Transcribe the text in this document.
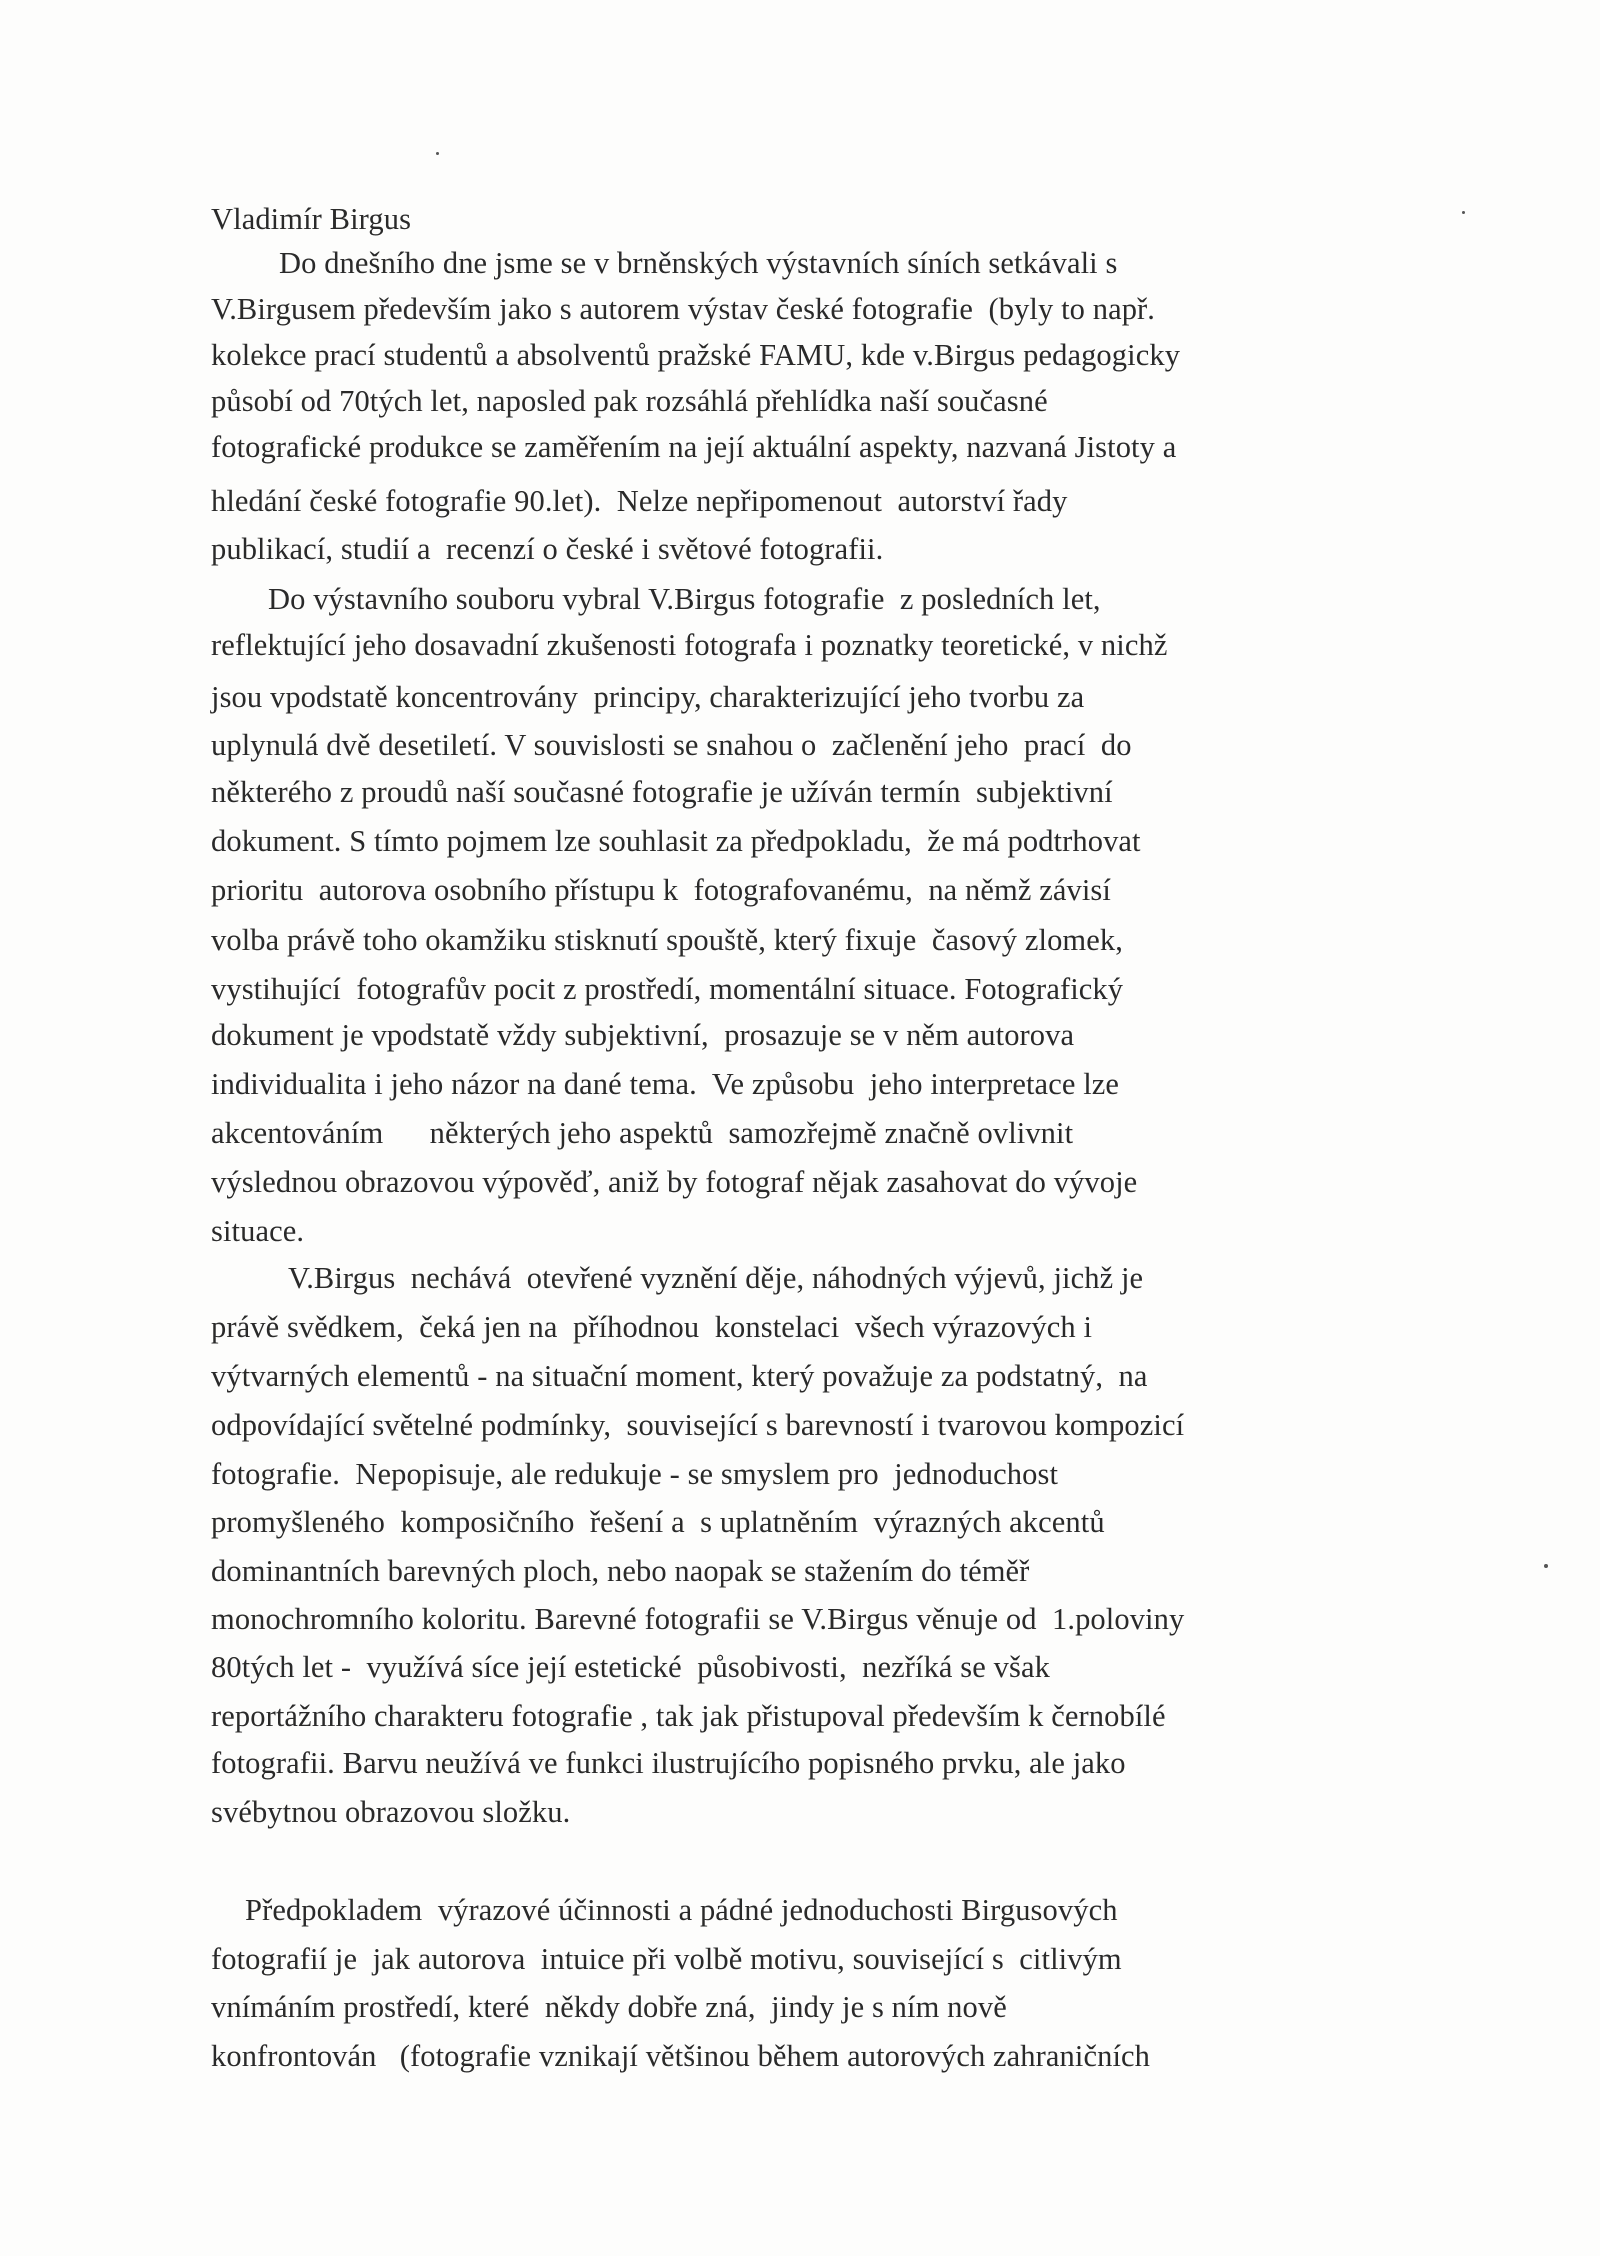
Vladimír Birgus
Do dnešního dne jsme se v brněnských výstavních síních setkávali s
V.Birgusem především jako s autorem výstav české fotografie  (byly to např.
kolekce prací studentů a absolventů pražské FAMU, kde v.Birgus pedagogicky
působí od 70tých let, naposled pak rozsáhlá přehlídka naší současné
fotografické produkce se zaměřením na její aktuální aspekty, nazvaná Jistoty a
hledání české fotografie 90.let).  Nelze nepřipomenout  autorství řady
publikací, studií a  recenzí o české i světové fotografii.
Do výstavního souboru vybral V.Birgus fotografie  z posledních let,
reflektující jeho dosavadní zkušenosti fotografa i poznatky teoretické, v nichž
jsou vpodstatě koncentrovány  principy, charakterizující jeho tvorbu za
uplynulá dvě desetiletí. V souvislosti se snahou o  začlenění jeho  prací  do
některého z proudů naší současné fotografie je užíván termín  subjektivní
dokument. S tímto pojmem lze souhlasit za předpokladu,  že má podtrhovat
prioritu  autorova osobního přístupu k  fotografovanému,  na němž závisí
volba právě toho okamžiku stisknutí spouště, který fixuje  časový zlomek,
vystihující  fotografův pocit z prostředí, momentální situace. Fotografický
dokument je vpodstatě vždy subjektivní,  prosazuje se v něm autorova
individualita i jeho názor na dané tema.  Ve způsobu  jeho interpretace lze
akcentováním      některých jeho aspektů  samozřejmě značně ovlivnit
výslednou obrazovou výpověď, aniž by fotograf nějak zasahovat do vývoje
situace.
V.Birgus  nechává  otevřené vyznění děje, náhodných výjevů, jichž je
právě svědkem,  čeká jen na  příhodnou  konstelaci  všech výrazových i
výtvarných elementů - na situační moment, který považuje za podstatný,  na
odpovídající světelné podmínky,  související s barevností i tvarovou kompozicí
fotografie.  Nepopisuje, ale redukuje - se smyslem pro  jednoduchost
promyšleného  komposičního  řešení a  s uplatněním  výrazných akcentů
dominantních barevných ploch, nebo naopak se stažením do téměř
monochromního koloritu. Barevné fotografii se V.Birgus věnuje od  1.poloviny
80tých let -  využívá síce její estetické  působivosti,  nezříká se však
reportážního charakteru fotografie , tak jak přistupoval především k černobílé
fotografii. Barvu neužívá ve funkci ilustrujícího popisného prvku, ale jako
svébytnou obrazovou složku.
Předpokladem  výrazové účinnosti a pádné jednoduchosti Birgusových
fotografií je  jak autorova  intuice při volbě motivu, související s  citlivým
vnímáním prostředí, které  někdy dobře zná,  jindy je s ním nově
konfrontován   (fotografie vznikají většinou během autorových zahraničních
